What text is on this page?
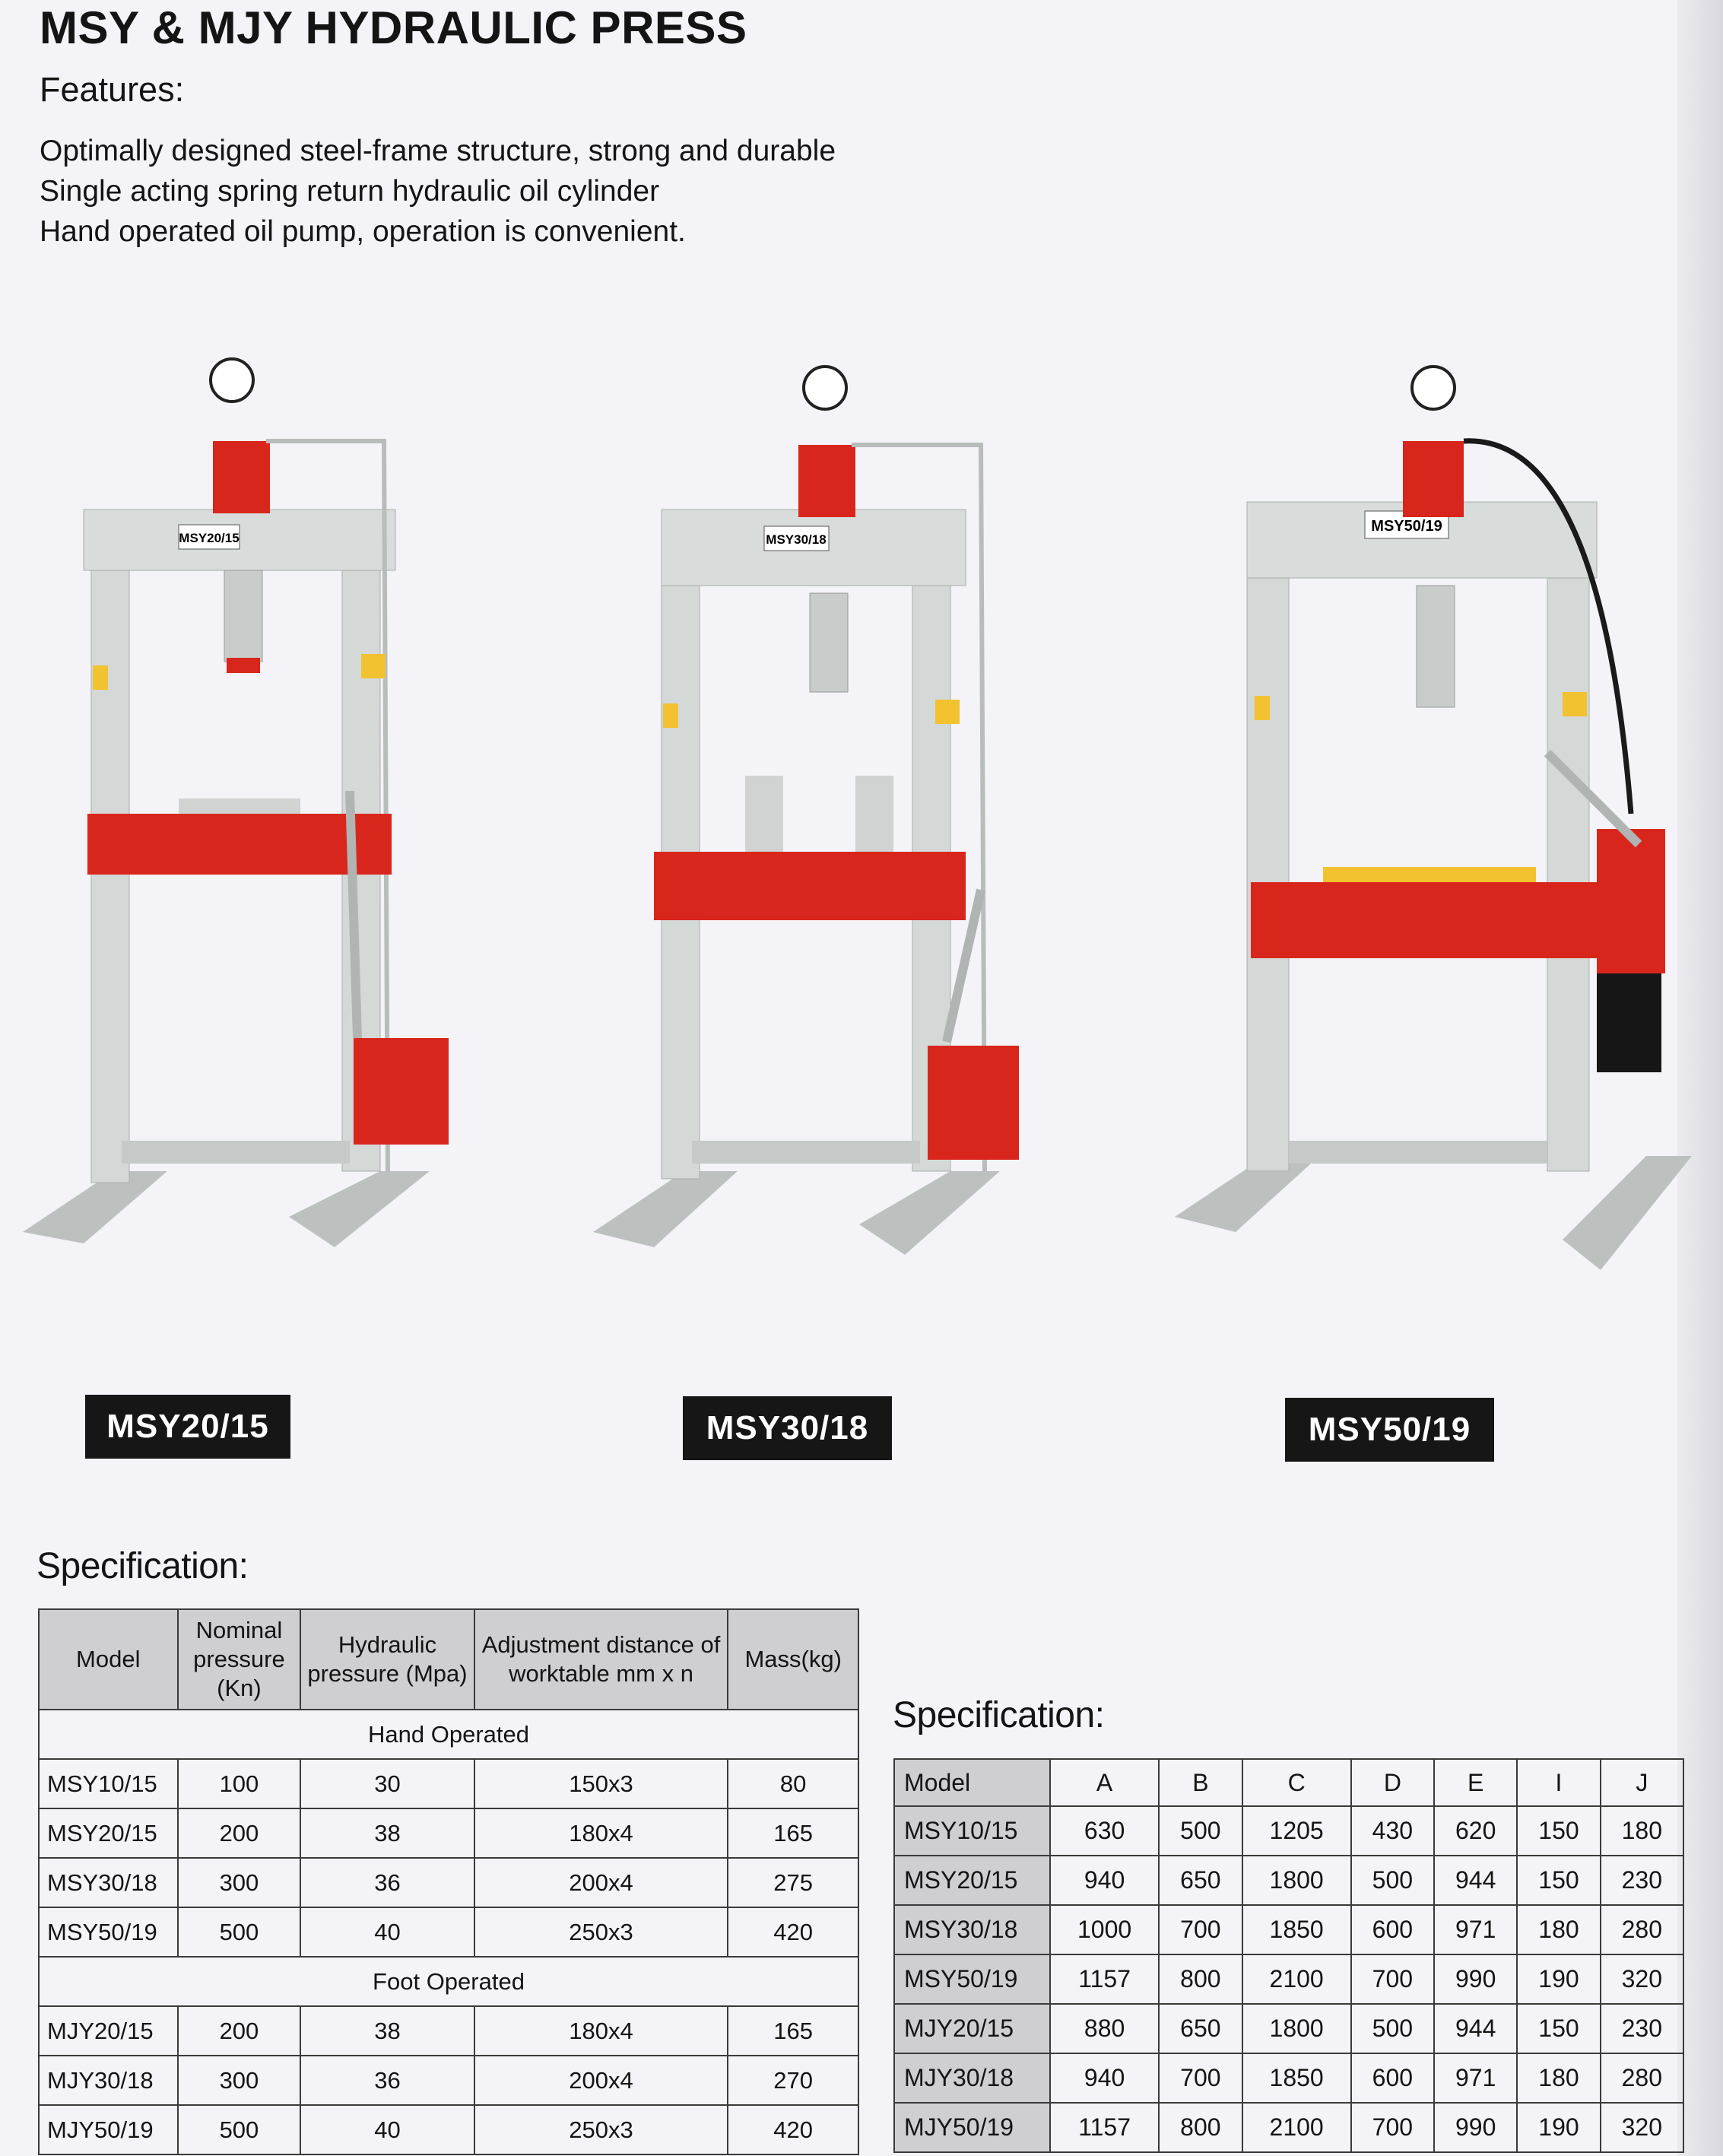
MSY & MJY HYDRAULIC PRESS
Features:
Optimally designed steel-frame structure, strong and durable
Single acting spring return hydraulic oil cylinder
Hand operated oil pump, operation is convenient.
MSY20/15	MSY30/18
MSY50/19
MSY20/15	MSY30/18	MSY50/19
Specification:
Model	Nominal pressure (Kn)	Hydraulic pressure (Mpa)	Adjustment distance of worktable mm x n	Mass(kg)
Hand Operated				
MSY10/15	100	30	150x3	80
MSY20/15	200	38	180x4	165
MSY30/18	300	36	200x4	275
MSY50/19	500	40	250x3	420
Foot Operated				
MJY20/15	200	38	180x4	165
MJY30/18	300	36	200x4	270
MJY50/19	500	40	250x3	420
Specification:
Model	A	B	C	D	E	I	J
MSY10/15	630	500	1205	430	620	150	180
MSY20/15	940	650	1800	500	944	150	230
MSY30/18	1000	700	1850	600	971	180	280
MSY50/19	1157	800	2100	700	990	190	320
MJY20/15	880	650	1800	500	944	150	230
MJY30/18	940	700	1850	600	971	180	280
MJY50/19	1157	800	2100	700	990	190	320
